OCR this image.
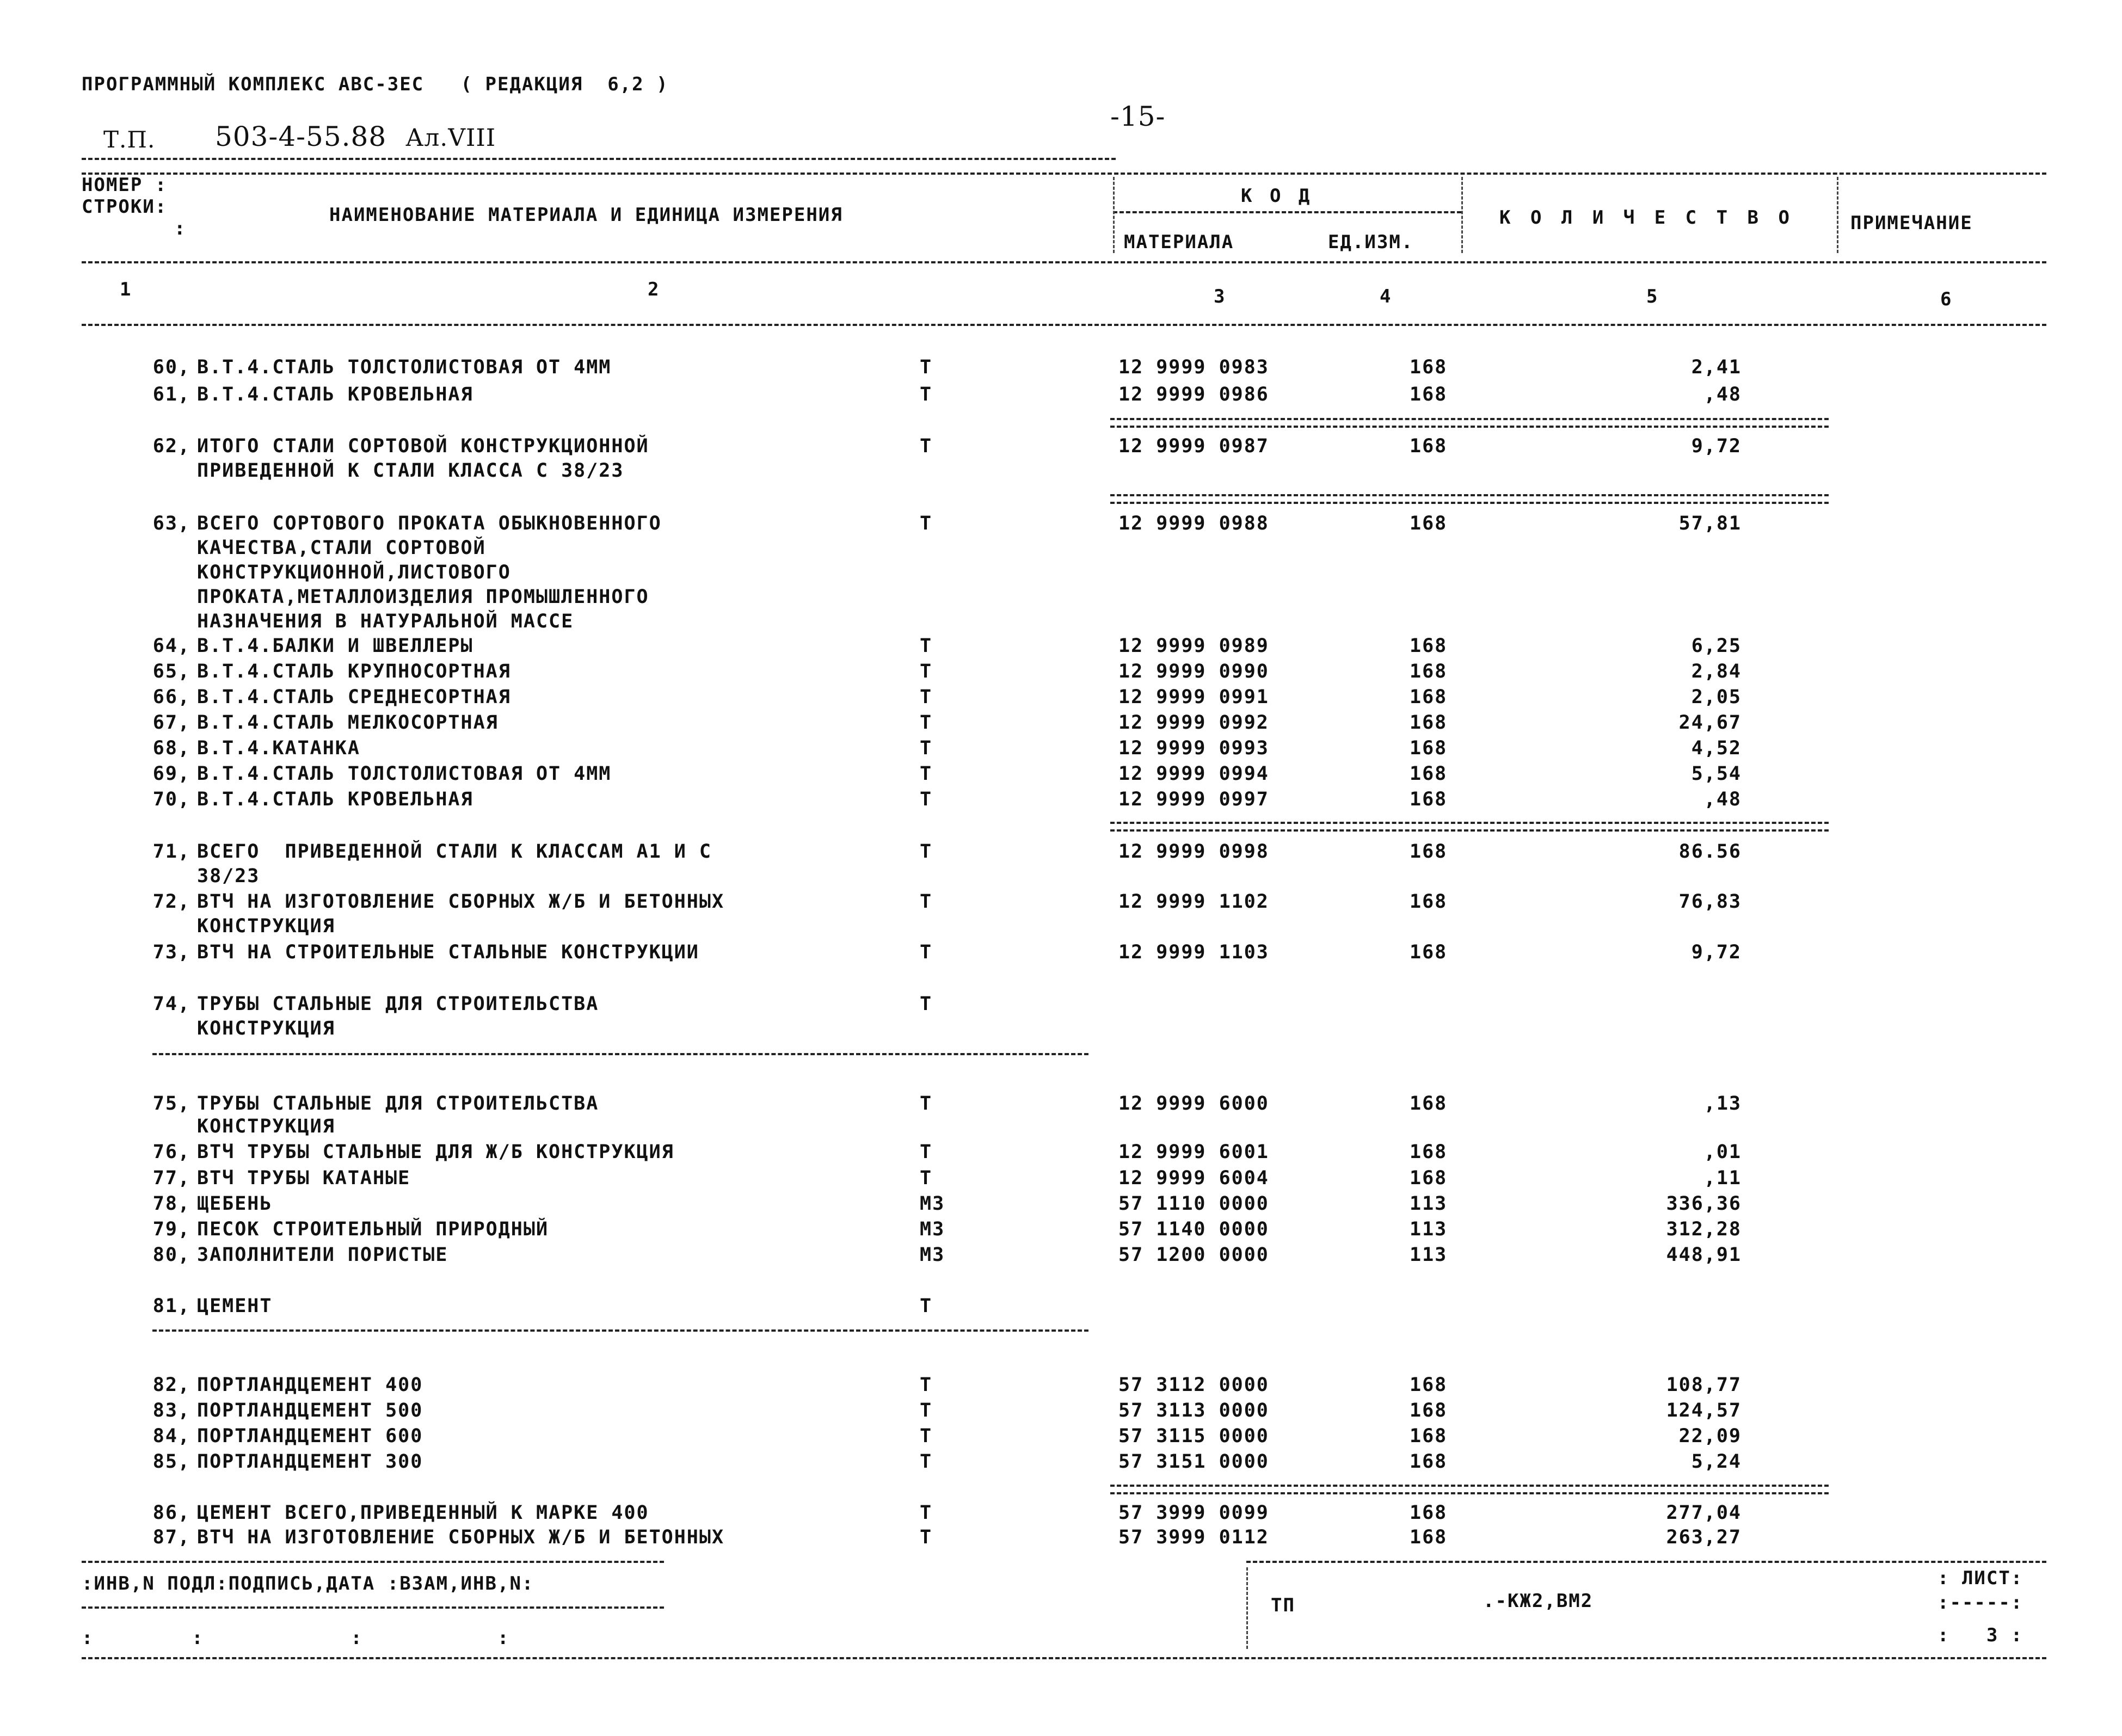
ПРОГРАММНЫЙ КОМПЛЕКС АВС-3ЕС   ( РЕДАКЦИЯ  6,2 )
-15-
Т.П. 503-4-55.88 Ал.VIII
НОМЕР :
СТРОКИ:
:
НАИМЕНОВАНИЕ МАТЕРИАЛА И ЕДИНИЦА ИЗМЕРЕНИЯ
К О Д
МАТЕРИАЛА	ЕД.ИЗМ.
К О Л И Ч Е С Т В О	ПРИМЕЧАНИЕ
1	2	3	4	5	6
60, В.Т.4.СТАЛЬ ТОЛСТОЛИСТОВАЯ ОТ 4ММ	Т	12 9999 0983	168	2,41
61, В.Т.4.СТАЛЬ КРОВЕЛЬНАЯ	Т	12 9999 0986	168	,48
62, ИТОГО СТАЛИ СОРТОВОЙ КОНСТРУКЦИОННОЙ	Т	12 9999 0987	168	9,72
ПРИВЕДЕННОЙ К СТАЛИ КЛАССА С 38/23
63, ВСЕГО СОРТОВОГО ПРОКАТА ОБЫКНОВЕННОГО	Т	12 9999 0988	168	57,81
КАЧЕСТВА,СТАЛИ СОРТОВОЙ
КОНСТРУКЦИОННОЙ,ЛИСТОВОГО
ПРОКАТА,МЕТАЛЛОИЗДЕЛИЯ ПРОМЫШЛЕННОГО
НАЗНАЧЕНИЯ В НАТУРАЛЬНОЙ МАССЕ
64, В.Т.4.БАЛКИ И ШВЕЛЛЕРЫ	Т	12 9999 0989	168	6,25
65, В.Т.4.СТАЛЬ КРУПНОСОРТНАЯ	Т	12 9999 0990	168	2,84
66, В.Т.4.СТАЛЬ СРЕДНЕСОРТНАЯ	Т	12 9999 0991	168	2,05
67, В.Т.4.СТАЛЬ МЕЛКОСОРТНАЯ	Т	12 9999 0992	168	24,67
68, В.Т.4.КАТАНКА	Т	12 9999 0993	168	4,52
69, В.Т.4.СТАЛЬ ТОЛСТОЛИСТОВАЯ ОТ 4ММ	Т	12 9999 0994	168	5,54
70, В.Т.4.СТАЛЬ КРОВЕЛЬНАЯ	Т	12 9999 0997	168	,48
71, ВСЕГО  ПРИВЕДЕННОЙ СТАЛИ К КЛАССАМ А1 И С	Т	12 9999 0998	168	86.56
38/23
72, ВТЧ НА ИЗГОТОВЛЕНИЕ СБОРНЫХ Ж/Б И БЕТОННЫХ	Т	12 9999 1102	168	76,83
КОНСТРУКЦИЯ
73, ВТЧ НА СТРОИТЕЛЬНЫЕ СТАЛЬНЫЕ КОНСТРУКЦИИ	Т	12 9999 1103	168	9,72
74, ТРУБЫ СТАЛЬНЫЕ ДЛЯ СТРОИТЕЛЬСТВА	Т
КОНСТРУКЦИЯ
75, ТРУБЫ СТАЛЬНЫЕ ДЛЯ СТРОИТЕЛЬСТВА	Т	12 9999 6000	168	,13
КОНСТРУКЦИЯ
76, ВТЧ ТРУБЫ СТАЛЬНЫЕ ДЛЯ Ж/Б КОНСТРУКЦИЯ	Т	12 9999 6001	168	,01
77, ВТЧ ТРУБЫ КАТАНЫЕ	Т	12 9999 6004	168	,11
78, ЩЕБЕНЬ	М3	57 1110 0000	113	336,36
79, ПЕСОК СТРОИТЕЛЬНЫЙ ПРИРОДНЫЙ	М3	57 1140 0000	113	312,28
80, ЗАПОЛНИТЕЛИ ПОРИСТЫЕ	М3	57 1200 0000	113	448,91
81, ЦЕМЕНТ	Т
82, ПОРТЛАНДЦЕМЕНТ 400	Т	57 3112 0000	168	108,77
83, ПОРТЛАНДЦЕМЕНТ 500	Т	57 3113 0000	168	124,57
84, ПОРТЛАНДЦЕМЕНТ 600	Т	57 3115 0000	168	22,09
85, ПОРТЛАНДЦЕМЕНТ 300	Т	57 3151 0000	168	5,24
86, ЦЕМЕНТ ВСЕГО,ПРИВЕДЕННЫЙ К МАРКЕ 400	Т	57 3999 0099	168	277,04
87, ВТЧ НА ИЗГОТОВЛЕНИЕ СБОРНЫХ Ж/Б И БЕТОННЫХ	Т	57 3999 0112	168	263,27
:ИНВ,N ПОДЛ:ПОДПИСЬ,ДАТА :ВЗАМ,ИНВ,N:
:        :            :           :
ТП	.-КЖ2,ВМ2
: ЛИСТ:
:-----:
:   3 :
